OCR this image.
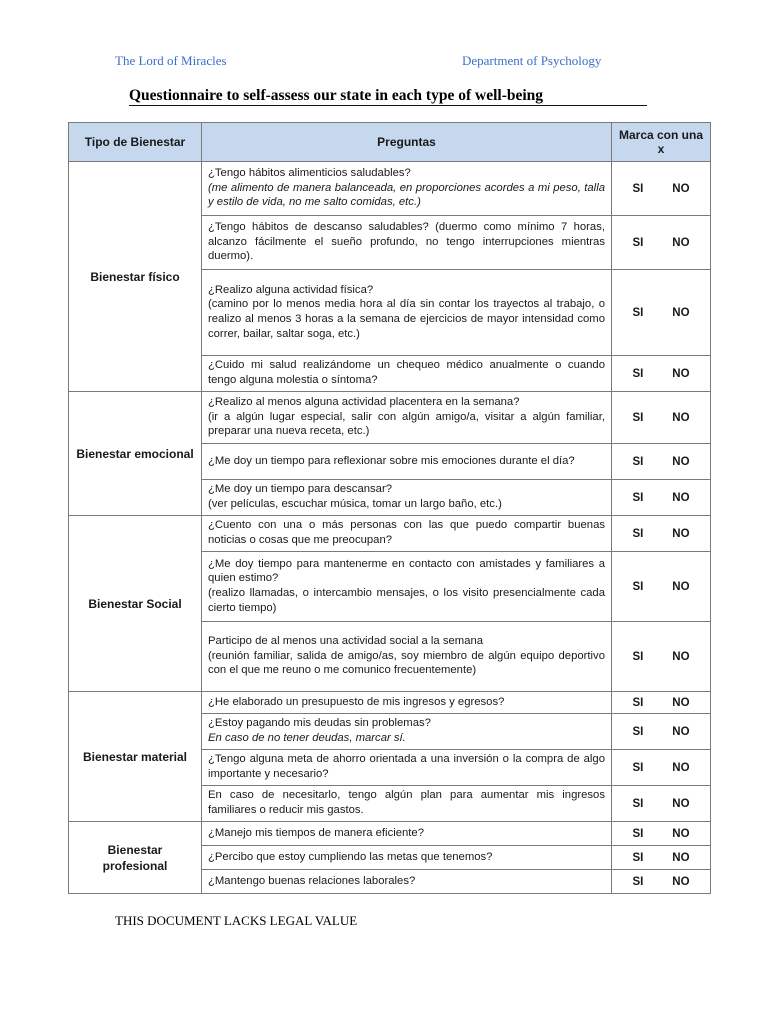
The Lord of Miracles	Department of Psychology
Questionnaire to self-assess our state in each type of well-being
Tipo de Bienestar	Preguntas	Marca con una x
Bienestar físico	¿Tengo hábitos alimenticios saludables?
(me alimento de manera balanceada, en proporciones acordes a mi peso, talla y estilo de vida, no me salto comidas, etc.)	SI NO

	¿Tengo hábitos de descanso saludables? (duermo como mínimo 7 horas, alcanzo fácilmente el sueño profundo, no tengo interrupciones mientras duermo).	SI NO

	¿Realizo alguna actividad física?
(camino por lo menos media hora al día sin contar los trayectos al trabajo, o realizo al menos 3 horas a la semana de ejercicios de mayor intensidad como correr, bailar, saltar soga, etc.)	SI NO

	¿Cuido mi salud realizándome un chequeo médico anualmente o cuando tengo alguna molestia o síntoma?	SI NO

Bienestar emocional	¿Realizo al menos alguna actividad placentera en la semana?
(ir a algún lugar especial, salir con algún amigo/a, visitar a algún familiar, preparar una nueva receta, etc.)	SI NO

	¿Me doy un tiempo para reflexionar sobre mis emociones durante el día?	SI NO

	¿Me doy un tiempo para descansar?
(ver películas, escuchar música, tomar un largo baño, etc.)	SI NO

Bienestar Social	¿Cuento con una o más personas con las que puedo compartir buenas noticias o cosas que me preocupan?	SI NO

	¿Me doy tiempo para mantenerme en contacto con amistades y familiares a quien estimo?
(realizo llamadas, o intercambio mensajes, o los visito presencialmente cada cierto tiempo)	SI NO

	Participo de al menos una actividad social a la semana
(reunión familiar, salida de amigo/as, soy miembro de algún equipo deportivo con el que me reuno o me comunico frecuentemente)	SI NO

Bienestar material	¿He elaborado un presupuesto de mis ingresos y egresos?	SI NO

	¿Estoy pagando mis deudas sin problemas?
En caso de no tener deudas, marcar sí.	SI NO

	¿Tengo alguna meta de ahorro orientada a una inversión o la compra de algo importante y necesario?	SI NO

	En caso de necesitarlo, tengo algún plan para aumentar mis ingresos familiares o reducir mis gastos.	SI NO

Bienestar profesional	¿Manejo mis tiempos de manera eficiente?	SI NO

	¿Percibo que estoy cumpliendo las metas que tenemos?	SI NO

	¿Mantengo buenas relaciones laborales?	SI NO
THIS DOCUMENT LACKS LEGAL VALUE
